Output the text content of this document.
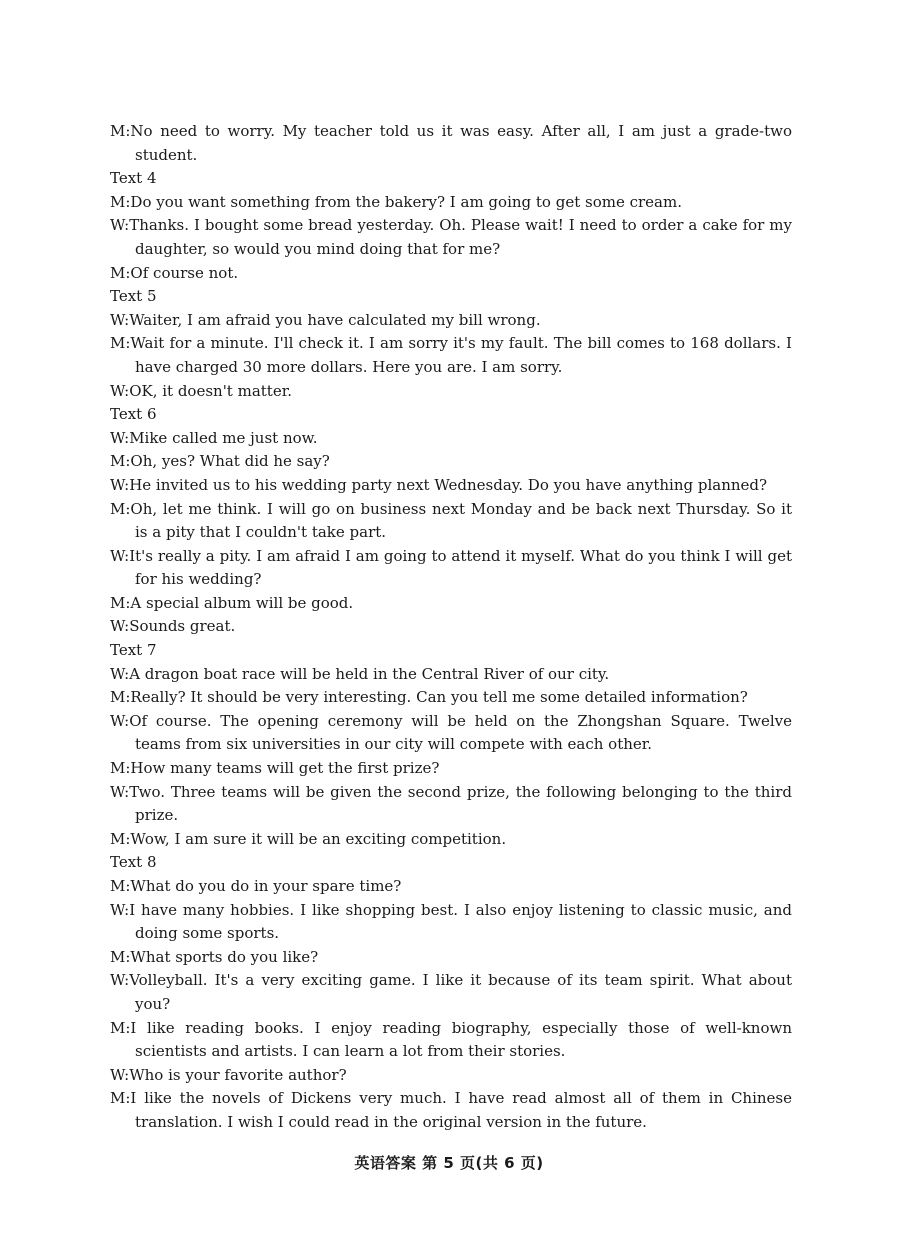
M:No need to worry. My teacher told us it was easy. After all, I am just a grade-two student.
Text 4
M:Do you want something from the bakery? I am going to get some cream.
W:Thanks. I bought some bread yesterday. Oh. Please wait! I need to order a cake for my daughter, so would you mind doing that for me?
M:Of course not.
Text 5
W:Waiter, I am afraid you have calculated my bill wrong.
M:Wait for a minute. I'll check it. I am sorry it's my fault. The bill comes to 168 dollars. I have charged 30 more dollars. Here you are. I am sorry.
W:OK, it doesn't matter.
Text 6
W:Mike called me just now.
M:Oh, yes? What did he say?
W:He invited us to his wedding party next Wednesday. Do you have anything planned?
M:Oh, let me think. I will go on business next Monday and be back next Thursday. So it is a pity that I couldn't take part.
W:It's really a pity. I am afraid I am going to attend it myself. What do you think I will get for his wedding?
M:A special album will be good.
W:Sounds great.
Text 7
W:A dragon boat race will be held in the Central River of our city.
M:Really? It should be very interesting. Can you tell me some detailed information?
W:Of course. The opening ceremony will be held on the Zhongshan Square. Twelve teams from six universities in our city will compete with each other.
M:How many teams will get the first prize?
W:Two. Three teams will be given the second prize, the following belonging to the third prize.
M:Wow, I am sure it will be an exciting competition.
Text 8
M:What do you do in your spare time?
W:I have many hobbies. I like shopping best. I also enjoy listening to classic music, and doing some sports.
M:What sports do you like?
W:Volleyball. It's a very exciting game. I like it because of its team spirit. What about you?
M:I like reading books. I enjoy reading biography, especially those of well-known scientists and artists. I can learn a lot from their stories.
W:Who is your favorite author?
M:I like the novels of Dickens very much. I have read almost all of them in Chinese translation. I wish I could read in the original version in the future.
英语答案 第 5 页(共 6 页)
